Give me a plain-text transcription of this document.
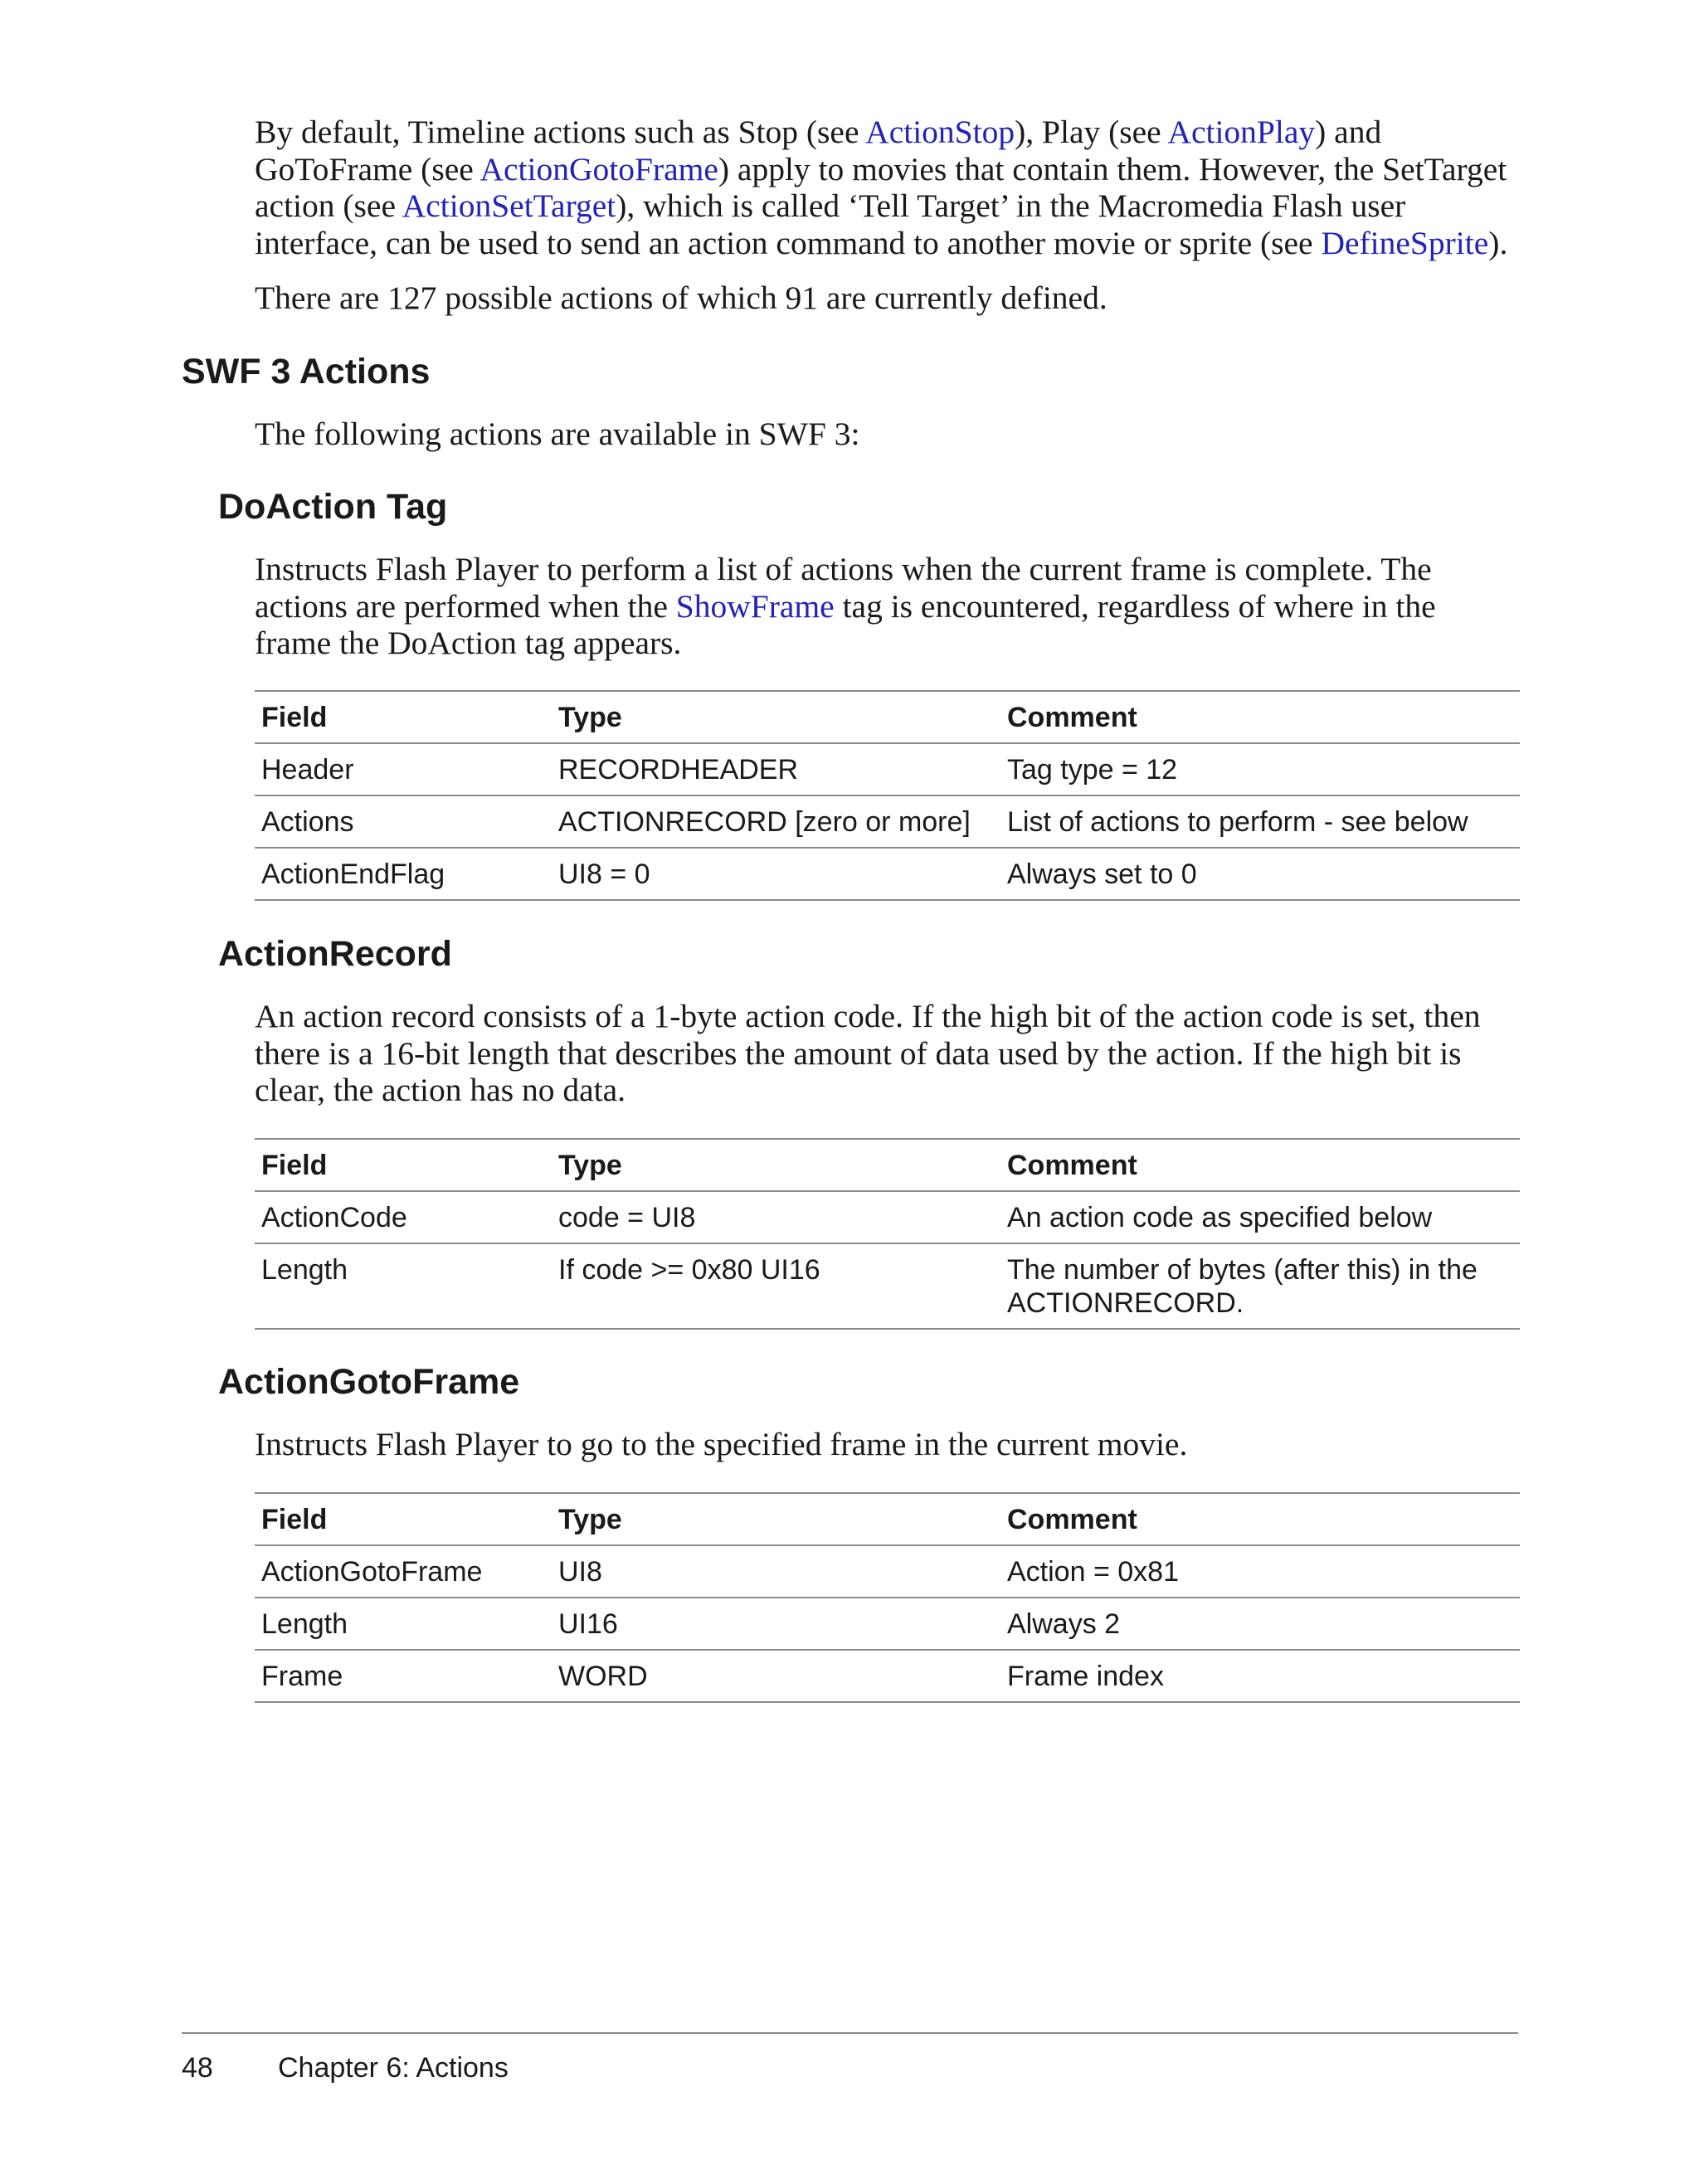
By default, Timeline actions such as Stop (see ActionStop), Play (see ActionPlay) and GoToFrame (see ActionGotoFrame) apply to movies that contain them. However, the SetTarget action (see ActionSetTarget), which is called ‘Tell Target’ in the Macromedia Flash user interface, can be used to send an action command to another movie or sprite (see DefineSprite).

There are 127 possible actions of which 91 are currently defined.

SWF 3 Actions

The following actions are available in SWF 3:

DoAction Tag

Instructs Flash Player to perform a list of actions when the current frame is complete. The actions are performed when the ShowFrame tag is encountered, regardless of where in the frame the DoAction tag appears.

Field	Type	Comment
Header	RECORDHEADER	Tag type = 12
Actions	ACTIONRECORD [zero or more]	List of actions to perform - see below
ActionEndFlag	UI8 = 0	Always set to 0
ActionRecord

An action record consists of a 1-byte action code. If the high bit of the action code is set, then there is a 16-bit length that describes the amount of data used by the action. If the high bit is clear, the action has no data.

Field	Type	Comment
ActionCode	code = UI8	An action code as specified below
Length	If code >= 0x80 UI16	The number of bytes (after this) in the ACTIONRECORD.
ActionGotoFrame

Instructs Flash Player to go to the specified frame in the current movie.

Field	Type	Comment
ActionGotoFrame	UI8	Action = 0x81
Length	UI16	Always 2
Frame	WORD	Frame index
48 Chapter 6: Actions
